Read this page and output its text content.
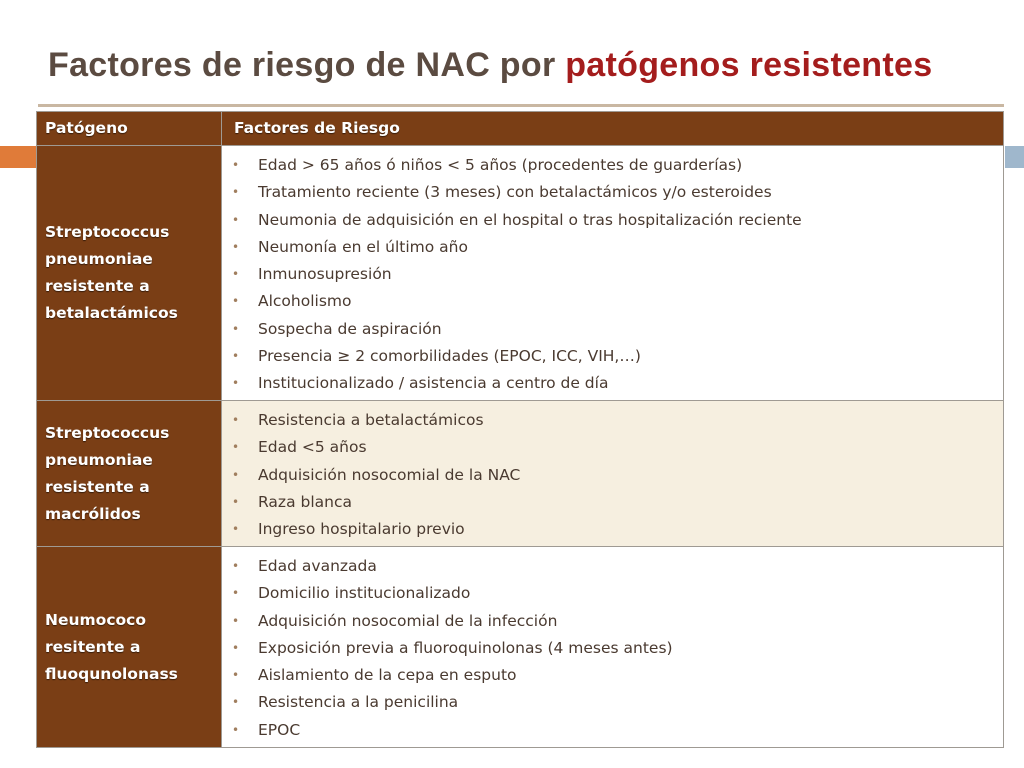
Factores de riesgo de NAC por patógenos resistentes
Patógeno	Factores de Riesgo
Streptococcus
pneumoniae
resistente a
betalactámicos
• Edad > 65 años ó niños < 5 años (procedentes de guarderías)
• Tratamiento reciente (3 meses) con betalactámicos y/o esteroides
• Neumonia de adquisición en el hospital o tras hospitalización reciente
• Neumonía en el último año
• Inmunosupresión
• Alcoholismo
• Sospecha de aspiración
• Presencia ≥ 2 comorbilidades (EPOC, ICC, VIH,…)
• Institucionalizado / asistencia a centro de día
Streptococcus
pneumoniae
resistente a
macrólidos
• Resistencia a betalactámicos
• Edad <5 años
• Adquisición nosocomial de la NAC
• Raza blanca
• Ingreso hospitalario previo
Neumococo
resitente a
fluoqunolonass
• Edad avanzada
• Domicilio institucionalizado
• Adquisición nosocomial de la infección
• Exposición previa a fluoroquinolonas (4 meses antes)
• Aislamiento de la cepa en esputo
• Resistencia a la penicilina
• EPOC
